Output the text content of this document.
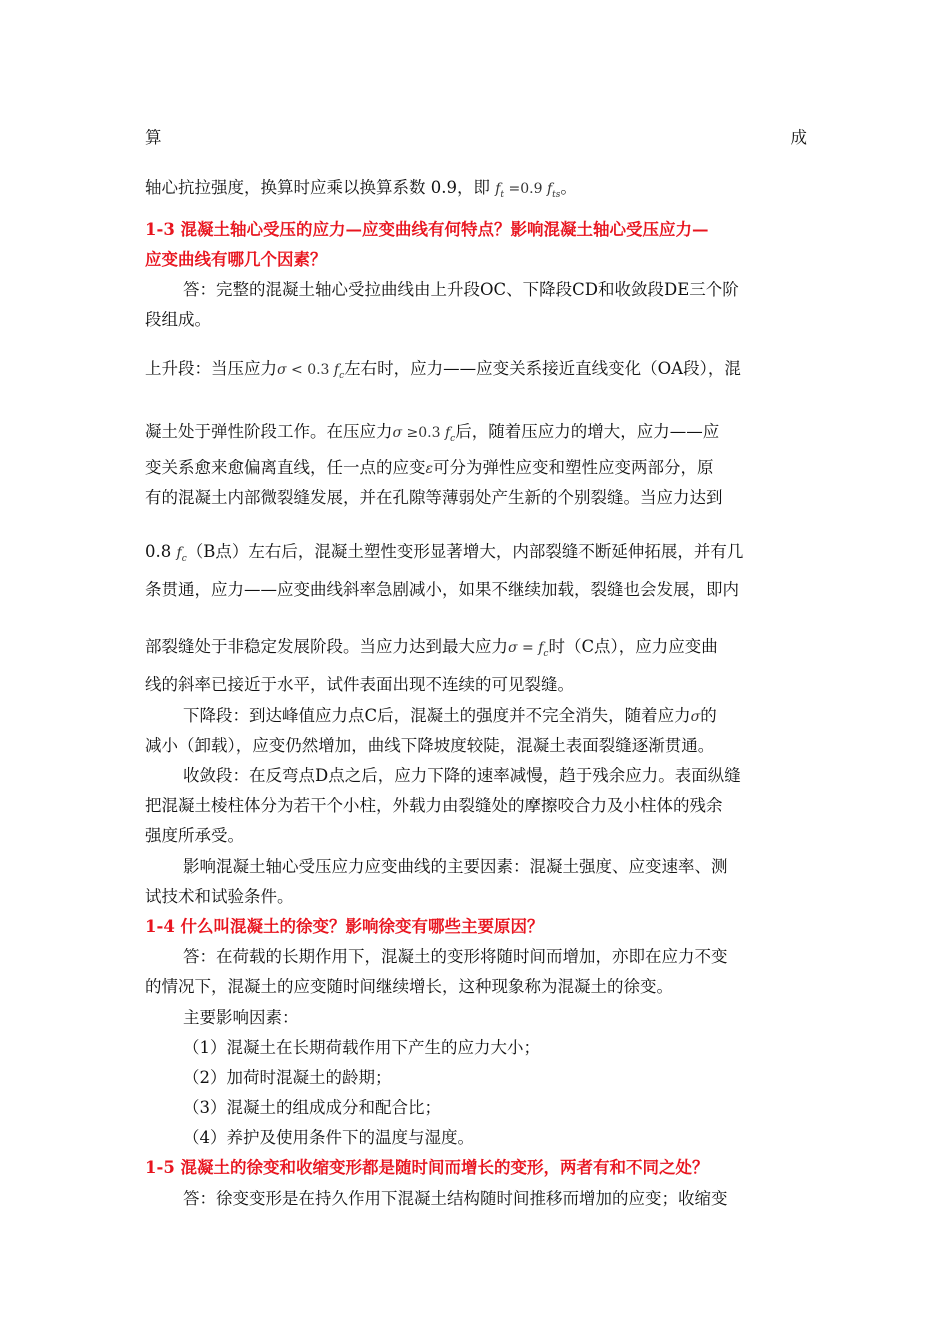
算	成
轴心抗拉强度，换算时应乘以换算系数 0.9，即 $f_t =0.9$ $f_{ts}$。
1-3 混凝土轴心受压的应力—应变曲线有何特点？影响混凝土轴心受压应力—
应变曲线有哪几个因素？
答：完整的混凝土轴心受拉曲线由上升段OC、下降段CD和收敛段DE三个阶
段组成。
上升段：当压应力σ < 0.3 $f_c$左右时，应力——应变关系接近直线变化（OA段），混
凝土处于弹性阶段工作。在压应力σ ≥0.3 $f_c$后，随着压应力的增大，应力——应
变关系愈来愈偏离直线，任一点的应变ε可分为弹性应变和塑性应变两部分，原
有的混凝土内部微裂缝发展，并在孔隙等薄弱处产生新的个别裂缝。当应力达到
0.8 $f_c(B$点）左右后，混凝土塑性变形显著增大，内部裂缝不断延伸拓展，并有几
条贯通，应力——应变曲线斜率急剧减小，如果不继续加载，裂缝也会发展，即内
部裂缝处于非稳定发展阶段。当应力达到最大应力$\sigma = f_c$时（C点），应力应变曲
线的斜率已接近于水平，试件表面出现不连续的可见裂缝。
下降段：到达峰值应力点C后，混凝土的强度并不完全消失，随着应力σ的
减小（卸载），应变仍然增加，曲线下降坡度较陡，混凝土表面裂缝逐渐贯通。
收敛段：在反弯点D点之后，应力下降的速率减慢，趋于残余应力。表面纵缝
把混凝土棱柱体分为若干个小柱，外载力由裂缝处的摩擦咬合力及小柱体的残余
强度所承受。
影响混凝土轴心受压应力应变曲线的主要因素：混凝土强度、应变速率、测
试技术和试验条件。
1-4 什么叫混凝土的徐变？影响徐变有哪些主要原因？
答：在荷载的长期作用下，混凝土的变形将随时间而增加，亦即在应力不变
的情况下，混凝土的应变随时间继续增长，这种现象称为混凝土的徐变。
主要影响因素：
（1）混凝土在长期荷载作用下产生的应力大小；
（2）加荷时混凝土的龄期；
（3）混凝土的组成成分和配合比；
（4）养护及使用条件下的温度与湿度。
1-5 混凝土的徐变和收缩变形都是随时间而增长的变形，两者有和不同之处？
答：徐变变形是在持久作用下混凝土结构随时间推移而增加的应变；收缩变
